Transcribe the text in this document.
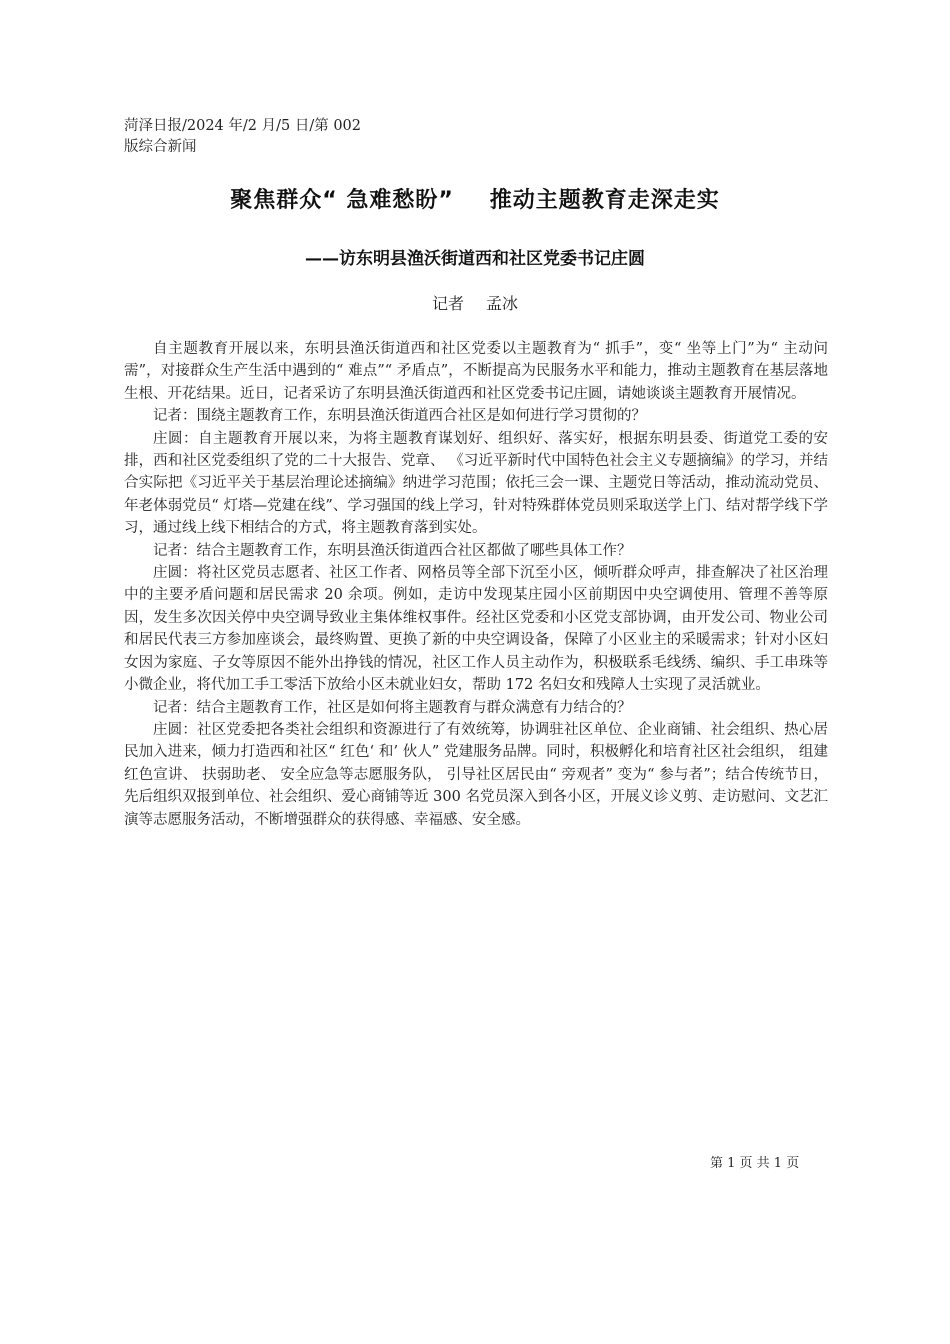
菏泽日报/2024 年/2 月/5 日/第 002
版综合新闻
聚焦群众“ 急难愁盼” 推动主题教育走深走实
——访东明县渔沃街道西和社区党委书记庄圆
记者 孟冰

自主题教育开展以来，东明县渔沃街道西和社区党委以主题教育为“ 抓手”，变“ 坐等上门”为“ 主动问需”，对接群众生产生活中遇到的“ 难点”“ 矛盾点”，不断提高为民服务水平和能力，推动主题教育在基层落地生根、开花结果。近日，记者采访了东明县渔沃街道西和社区党委书记庄圆，请她谈谈主题教育开展情况。

记者：围绕主题教育工作，东明县渔沃街道西合社区是如何进行学习贯彻的？

庄圆：自主题教育开展以来，为将主题教育谋划好、组织好、落实好，根据东明县委、街道党工委的安排，西和社区党委组织了党的二十大报告、党章、 《习近平新时代中国特色社会主义专题摘编》的学习，并结合实际把《习近平关于基层治理论述摘编》纳进学习范围；依托三会一课、主题党日等活动，推动流动党员、年老体弱党员“ 灯塔—党建在线”、学习强国的线上学习，针对特殊群体党员则采取送学上门、结对帮学线下学习，通过线上线下相结合的方式，将主题教育落到实处。

记者：结合主题教育工作，东明县渔沃街道西合社区都做了哪些具体工作？

庄圆：将社区党员志愿者、社区工作者、网格员等全部下沉至小区，倾听群众呼声，排查解决了社区治理中的主要矛盾问题和居民需求 20 余项。例如，走访中发现某庄园小区前期因中央空调使用、管理不善等原因，发生多次因关停中央空调导致业主集体维权事件。经社区党委和小区党支部协调，由开发公司、物业公司和居民代表三方参加座谈会，最终购置、更换了新的中央空调设备，保障了小区业主的采暖需求；针对小区妇女因为家庭、子女等原因不能外出挣钱的情况，社区工作人员主动作为，积极联系毛线绣、编织、手工串珠等小微企业，将代加工手工零活下放给小区未就业妇女，帮助 172 名妇女和残障人士实现了灵活就业。

记者：结合主题教育工作，社区是如何将主题教育与群众满意有力结合的？

庄圆：社区党委把各类社会组织和资源进行了有效统筹，协调驻社区单位、企业商铺、社会组织、热心居民加入进来，倾力打造西和社区“ 红色‘ 和’ 伙人” 党建服务品牌。同时，积极孵化和培育社区社会组织， 组建红色宣讲、 扶弱助老、 安全应急等志愿服务队， 引导社区居民由“ 旁观者” 变为“ 参与者”；结合传统节日，先后组织双报到单位、社会组织、爱心商铺等近 300 名党员深入到各小区，开展义诊义剪、走访慰问、文艺汇演等志愿服务活动，不断增强群众的获得感、幸福感、安全感。

第 1 页 共 1 页
